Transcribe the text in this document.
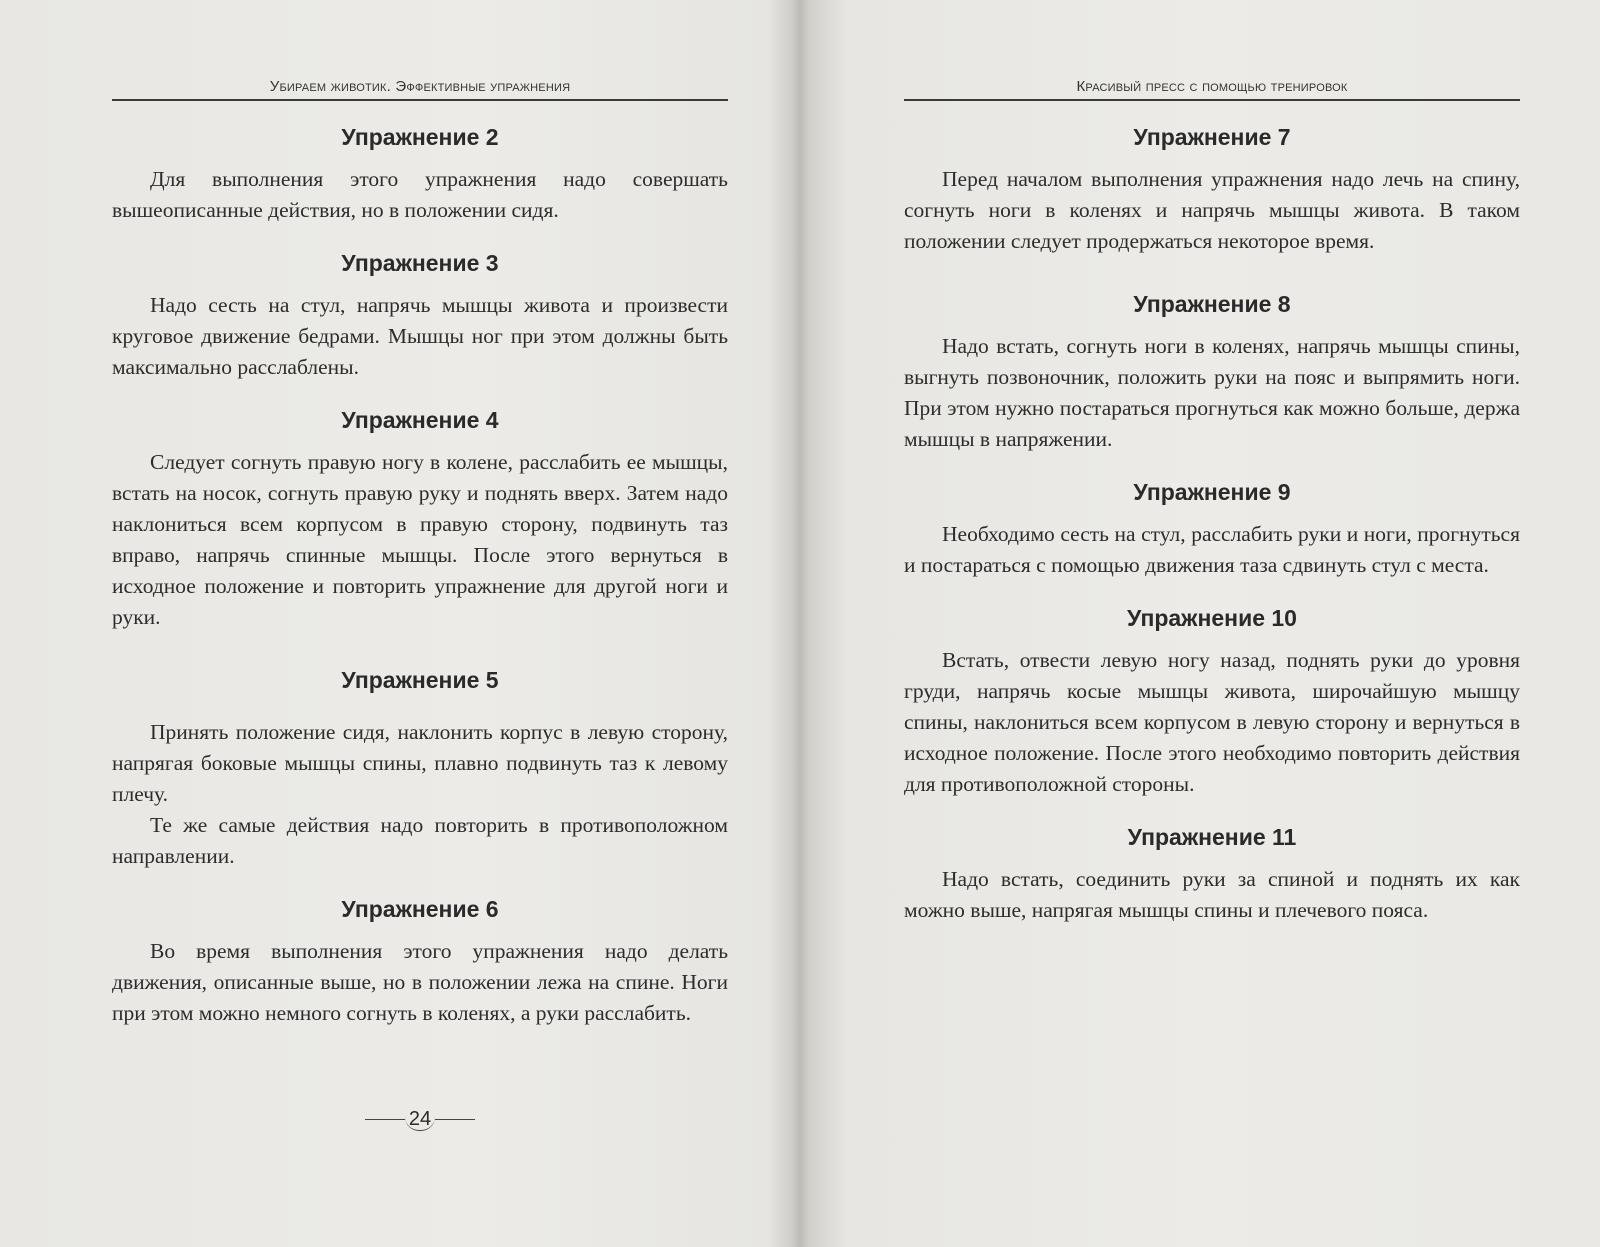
Убираем животик. Эффективные упражнения
Упражнение 2

Для выполнения этого упражнения надо совершать вышеописанные действия, но в положении сидя.

Упражнение 3

Надо сесть на стул, напрячь мышцы живота и произвести круговое движение бедрами. Мышцы ног при этом должны быть максимально расслаблены.

Упражнение 4

Следует согнуть правую ногу в колене, расслабить ее мышцы, встать на носок, согнуть правую руку и поднять вверх. Затем надо наклониться всем корпусом в правую сторону, подвинуть таз вправо, напрячь спинные мышцы. После этого вернуться в исходное положение и повторить упражнение для другой ноги и руки.

Упражнение 5

Принять положение сидя, наклонить корпус в левую сторону, напрягая боковые мышцы спины, плавно подвинуть таз к левому плечу.

Те же самые действия надо повторить в противоположном направлении.

Упражнение 6

Во время выполнения этого упражнения надо делать движения, описанные выше, но в положении лежа на спине. Ноги при этом можно немного согнуть в коленях, а руки расслабить.

24
Красивый пресс с помощью тренировок
Упражнение 7

Перед началом выполнения упражнения надо лечь на спину, согнуть ноги в коленях и напрячь мышцы живота. В таком положении следует продержаться некоторое время.

Упражнение 8

Надо встать, согнуть ноги в коленях, напрячь мышцы спины, выгнуть позвоночник, положить руки на пояс и выпрямить ноги. При этом нужно постараться прогнуться как можно больше, держа мышцы в напряжении.

Упражнение 9

Необходимо сесть на стул, расслабить руки и ноги, прогнуться и постараться с помощью движения таза сдвинуть стул с места.

Упражнение 10

Встать, отвести левую ногу назад, поднять руки до уровня груди, напрячь косые мышцы живота, широчайшую мышцу спины, наклониться всем корпусом в левую сторону и вернуться в исходное положение. После этого необходимо повторить действия для противоположной стороны.

Упражнение 11

Надо встать, соединить руки за спиной и поднять их как можно выше, напрягая мышцы спины и плечевого пояса.
